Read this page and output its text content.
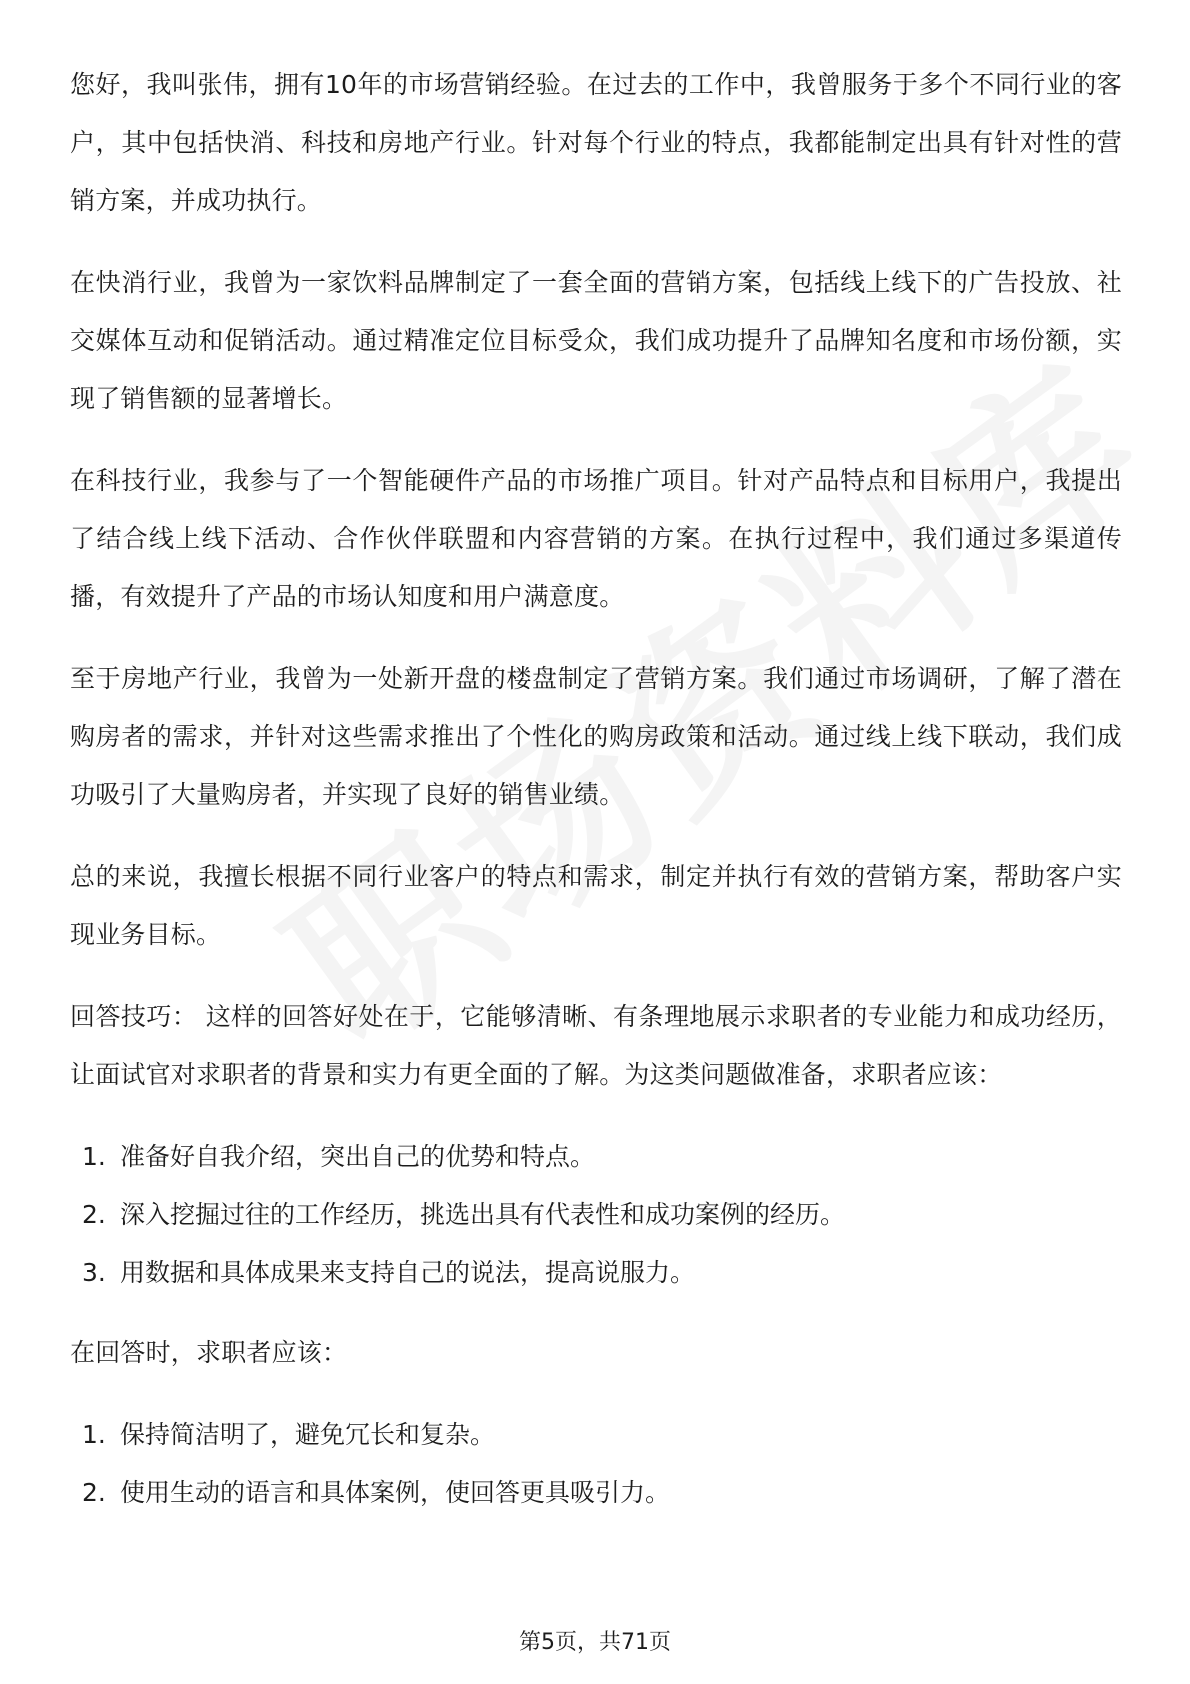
您好，我叫张伟，拥有10年的市场营销经验。在过去的工作中，我曾服务于多个不同行业的客户，其中包括快消、科技和房地产行业。针对每个行业的特点，我都能制定出具有针对性的营销方案，并成功执行。

在快消行业，我曾为一家饮料品牌制定了一套全面的营销方案，包括线上线下的广告投放、社交媒体互动和促销活动。通过精准定位目标受众，我们成功提升了品牌知名度和市场份额，实现了销售额的显著增长。

在科技行业，我参与了一个智能硬件产品的市场推广项目。针对产品特点和目标用户，我提出了结合线上线下活动、合作伙伴联盟和内容营销的方案。在执行过程中，我们通过多渠道传播，有效提升了产品的市场认知度和用户满意度。

至于房地产行业，我曾为一处新开盘的楼盘制定了营销方案。我们通过市场调研，了解了潜在购房者的需求，并针对这些需求推出了个性化的购房政策和活动。通过线上线下联动，我们成功吸引了大量购房者，并实现了良好的销售业绩。

总的来说，我擅长根据不同行业客户的特点和需求，制定并执行有效的营销方案，帮助客户实现业务目标。

回答技巧： 这样的回答好处在于，它能够清晰、有条理地展示求职者的专业能力和成功经历，让面试官对求职者的背景和实力有更全面的了解。为这类问题做准备，求职者应该：

1. 准备好自我介绍，突出自己的优势和特点。
2. 深入挖掘过往的工作经历，挑选出具有代表性和成功案例的经历。
3. 用数据和具体成果来支持自己的说法，提高说服力。

在回答时，求职者应该：

1. 保持简洁明了，避免冗长和复杂。
2. 使用生动的语言和具体案例，使回答更具吸引力。
第5页，共71页
